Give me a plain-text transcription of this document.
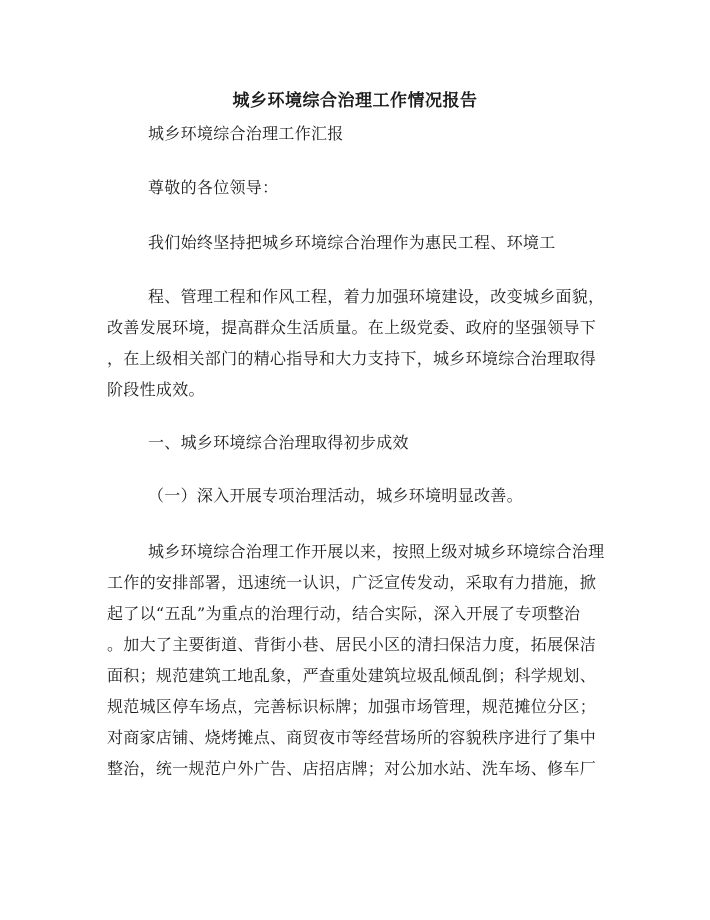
城乡环境综合治理工作情况报告
城乡环境综合治理工作汇报
尊敬的各位领导：
我们始终坚持把城乡环境综合治理作为惠民工程、环境工
程、管理工程和作风工程，着力加强环境建设，改变城乡面貌，
改善发展环境，提高群众生活质量。在上级党委、政府的坚强领导下
，在上级相关部门的精心指导和大力支持下，城乡环境综合治理取得
阶段性成效。
一、城乡环境综合治理取得初步成效
（一）深入开展专项治理活动，城乡环境明显改善。
城乡环境综合治理工作开展以来，按照上级对城乡环境综合治理
工作的安排部署，迅速统一认识，广泛宣传发动，采取有力措施，掀
起了以“五乱”为重点的治理行动，结合实际，深入开展了专项整治
。加大了主要街道、背街小巷、居民小区的清扫保洁力度，拓展保洁
面积；规范建筑工地乱象，严查重处建筑垃圾乱倾乱倒；科学规划、
规范城区停车场点，完善标识标牌；加强市场管理，规范摊位分区；
对商家店铺、烧烤摊点、商贸夜市等经营场所的容貌秩序进行了集中
整治，统一规范户外广告、店招店牌；对公加水站、洗车场、修车厂
